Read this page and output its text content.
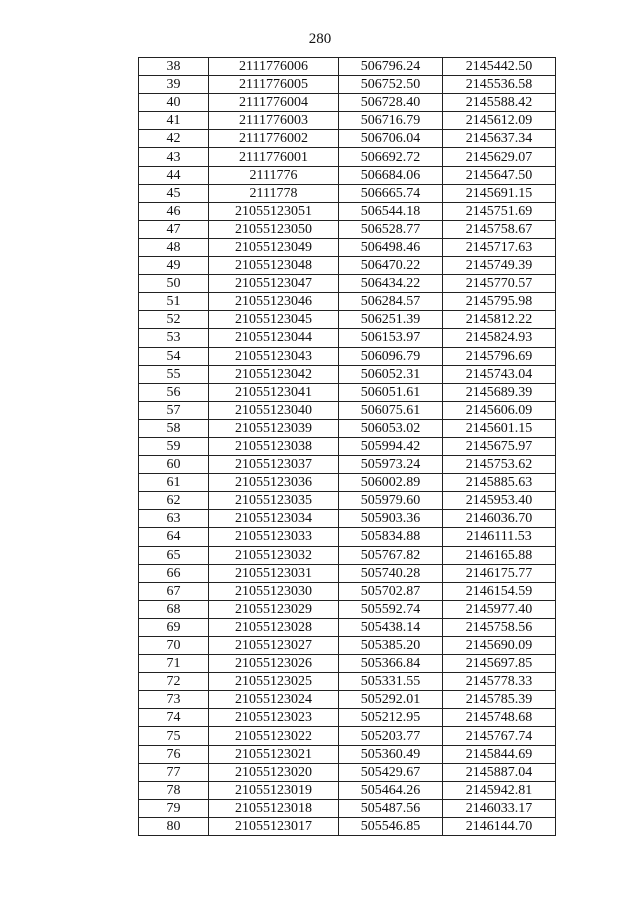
280
38	2111776006	506796.24	2145442.50
39	2111776005	506752.50	2145536.58
40	2111776004	506728.40	2145588.42
41	2111776003	506716.79	2145612.09
42	2111776002	506706.04	2145637.34
43	2111776001	506692.72	2145629.07
44	2111776	506684.06	2145647.50
45	2111778	506665.74	2145691.15
46	21055123051	506544.18	2145751.69
47	21055123050	506528.77	2145758.67
48	21055123049	506498.46	2145717.63
49	21055123048	506470.22	2145749.39
50	21055123047	506434.22	2145770.57
51	21055123046	506284.57	2145795.98
52	21055123045	506251.39	2145812.22
53	21055123044	506153.97	2145824.93
54	21055123043	506096.79	2145796.69
55	21055123042	506052.31	2145743.04
56	21055123041	506051.61	2145689.39
57	21055123040	506075.61	2145606.09
58	21055123039	506053.02	2145601.15
59	21055123038	505994.42	2145675.97
60	21055123037	505973.24	2145753.62
61	21055123036	506002.89	2145885.63
62	21055123035	505979.60	2145953.40
63	21055123034	505903.36	2146036.70
64	21055123033	505834.88	2146111.53
65	21055123032	505767.82	2146165.88
66	21055123031	505740.28	2146175.77
67	21055123030	505702.87	2146154.59
68	21055123029	505592.74	2145977.40
69	21055123028	505438.14	2145758.56
70	21055123027	505385.20	2145690.09
71	21055123026	505366.84	2145697.85
72	21055123025	505331.55	2145778.33
73	21055123024	505292.01	2145785.39
74	21055123023	505212.95	2145748.68
75	21055123022	505203.77	2145767.74
76	21055123021	505360.49	2145844.69
77	21055123020	505429.67	2145887.04
78	21055123019	505464.26	2145942.81
79	21055123018	505487.56	2146033.17
80	21055123017	505546.85	2146144.70
